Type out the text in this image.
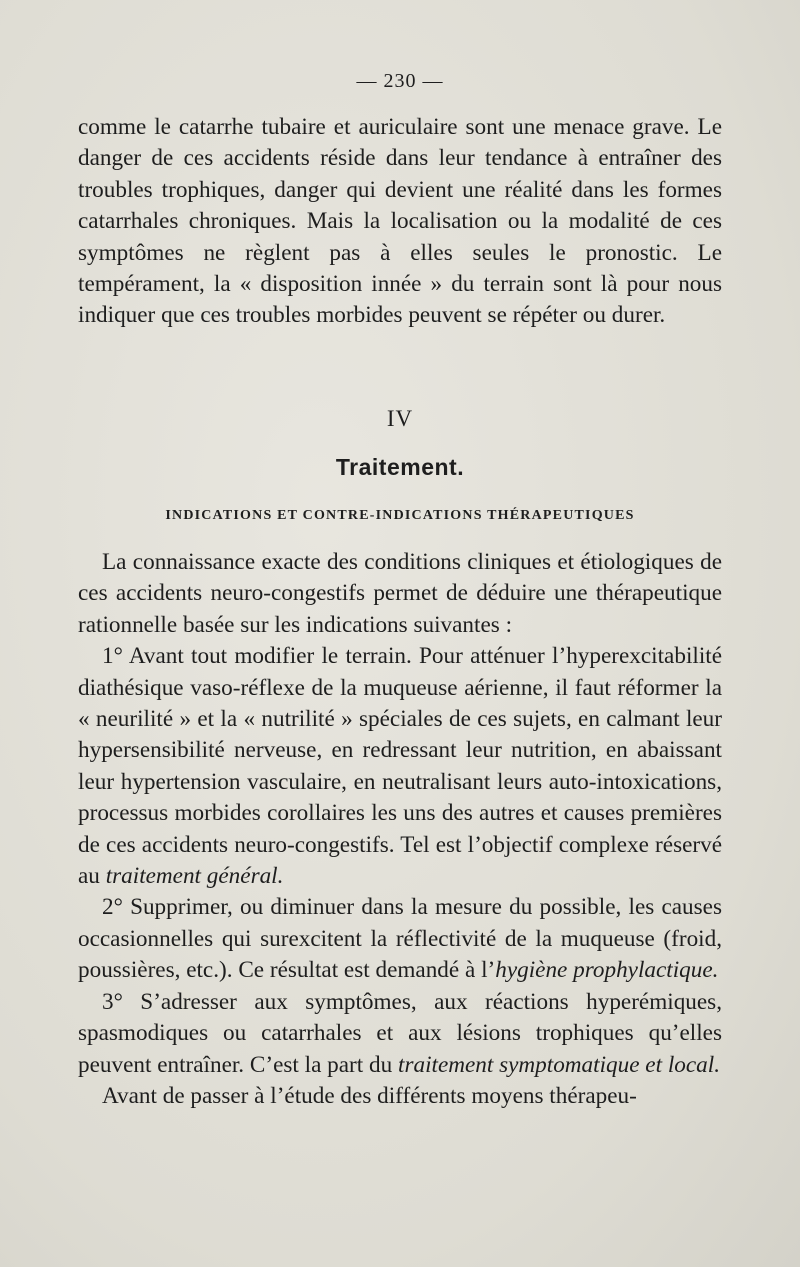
— 230 —

comme le catarrhe tubaire et auriculaire sont une menace grave. Le danger de ces accidents réside dans leur tendance à entraîner des troubles trophiques, danger qui devient une réalité dans les formes catarrhales chroniques. Mais la localisation ou la modalité de ces symptômes ne règlent pas à elles seules le pronostic. Le tempérament, la « disposition innée » du terrain sont là pour nous indiquer que ces troubles morbides peuvent se répéter ou durer.

IV
Traitement.
INDICATIONS ET CONTRE-INDICATIONS THÉRAPEUTIQUES

La connaissance exacte des conditions cliniques et étiologiques de ces accidents neuro-congestifs permet de déduire une thérapeutique rationnelle basée sur les indications suivantes :

1° Avant tout modifier le terrain. Pour atténuer l’hyperexcitabilité diathésique vaso-réflexe de la muqueuse aérienne, il faut réformer la « neurilité » et la « nutrilité » spéciales de ces sujets, en calmant leur hypersensibilité nerveuse, en redressant leur nutrition, en abaissant leur hypertension vasculaire, en neutralisant leurs auto-intoxications, processus morbides corollaires les uns des autres et causes premières de ces accidents neuro-congestifs. Tel est l’objectif complexe réservé au traitement général.

2° Supprimer, ou diminuer dans la mesure du possible, les causes occasionnelles qui surexcitent la réflectivité de la muqueuse (froid, poussières, etc.). Ce résultat est demandé à l’hygiène prophylactique.

3° S’adresser aux symptômes, aux réactions hyperémiques, spasmodiques ou catarrhales et aux lésions trophiques qu’elles peuvent entraîner. C’est la part du traitement symptomatique et local.

Avant de passer à l’étude des différents moyens thérapeu-
